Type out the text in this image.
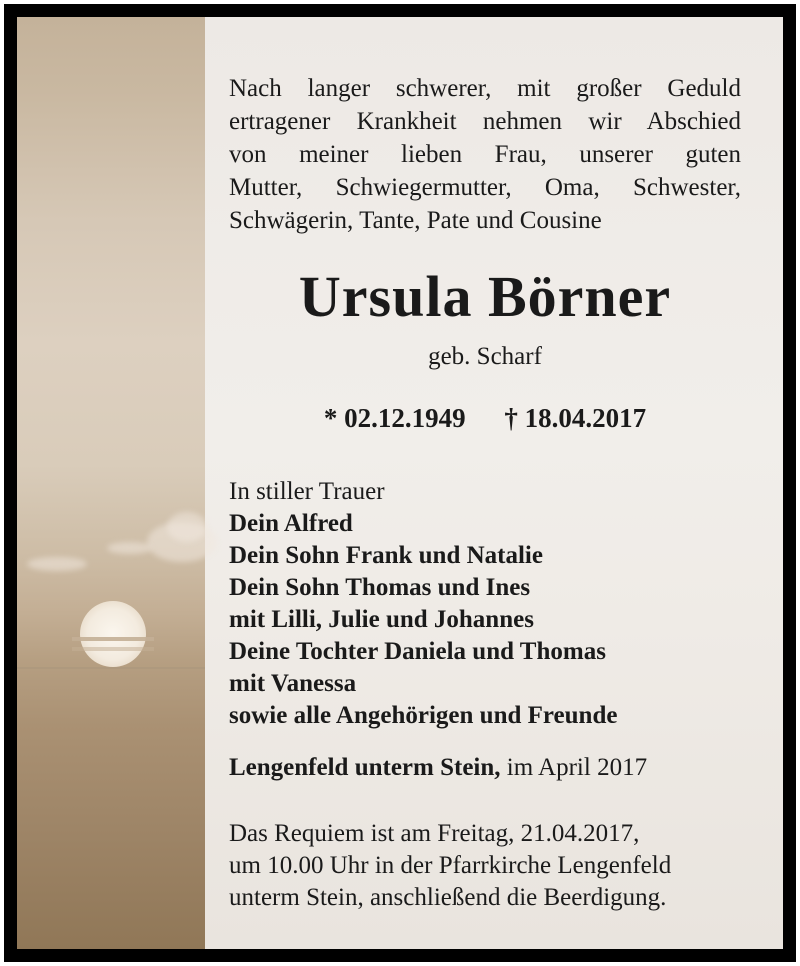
Nach langer schwerer, mit großer Geduld
ertragener Krankheit nehmen wir Abschied
von meiner lieben Frau, unserer guten
Mutter, Schwiegermutter, Oma, Schwester,
Schwägerin, Tante, Pate und Cousine
Ursula Börner
geb. Scharf
* 02.12.1949 † 18.04.2017
In stiller Trauer
Dein Alfred
Dein Sohn Frank und Natalie
Dein Sohn Thomas und Ines
mit Lilli, Julie und Johannes
Deine Tochter Daniela und Thomas
mit Vanessa
sowie alle Angehörigen und Freunde
Lengenfeld unterm Stein, im April 2017
Das Requiem ist am Freitag, 21.04.2017,
um 10.00 Uhr in der Pfarrkirche Lengenfeld
unterm Stein, anschließend die Beerdigung.
